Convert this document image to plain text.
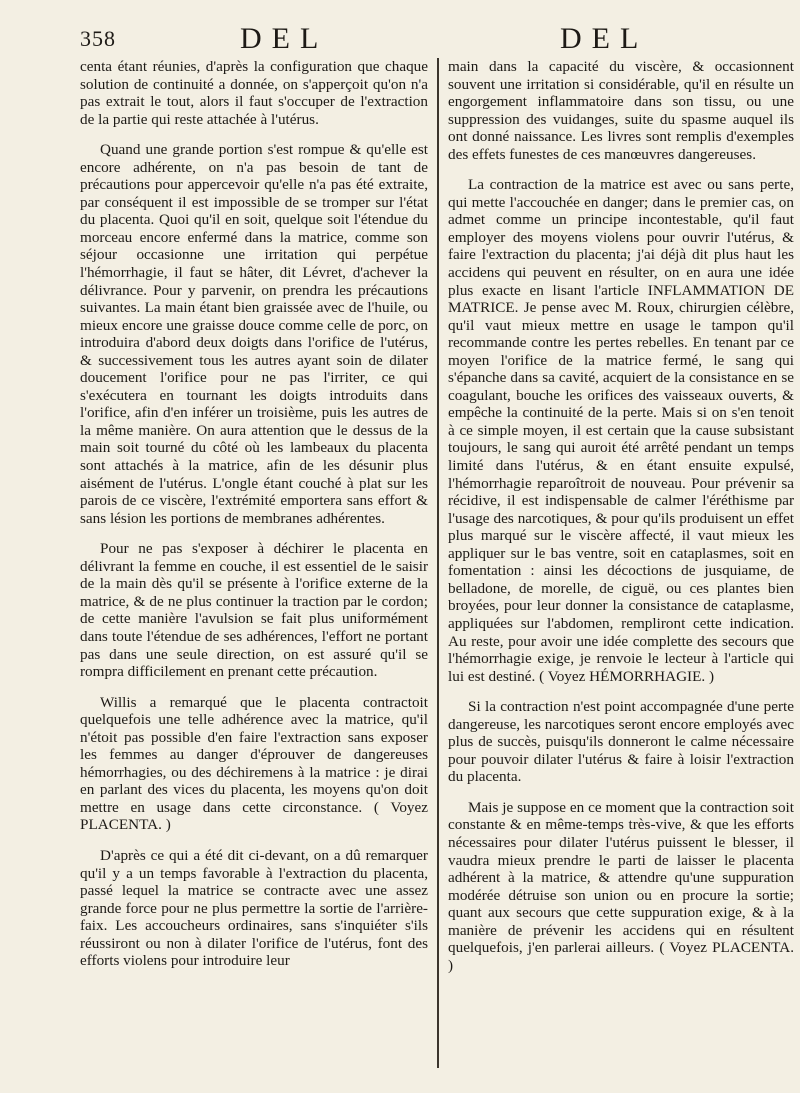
358	DEL	DEL

centa étant réunies, d'après la configuration que chaque solution de continuité a donnée, on s'apperçoit qu'on n'a pas extrait le tout, alors il faut s'occuper de l'extraction de la partie qui reste attachée à l'utérus.

Quand une grande portion s'est rompue & qu'elle est encore adhérente, on n'a pas besoin de tant de précautions pour appercevoir qu'elle n'a pas été extraite, par conséquent il est impossible de se tromper sur l'état du placenta. Quoi qu'il en soit, quelque soit l'étendue du morceau encore enfermé dans la matrice, comme son séjour occasionne une irritation qui perpétue l'hémorrhagie, il faut se hâter, dit Lévret, d'achever la délivrance. Pour y parvenir, on prendra les précautions suivantes. La main étant bien graissée avec de l'huile, ou mieux encore une graisse douce comme celle de porc, on introduira d'abord deux doigts dans l'orifice de l'utérus, & successivement tous les autres ayant soin de dilater doucement l'orifice pour ne pas l'irriter, ce qui s'exécutera en tournant les doigts introduits dans l'orifice, afin d'en inférer un troisième, puis les autres de la même manière. On aura attention que le dessus de la main soit tourné du côté où les lambeaux du placenta sont attachés à la matrice, afin de les désunir plus aisément de l'utérus. L'ongle étant couché à plat sur les parois de ce viscère, l'extrémité emportera sans effort & sans lésion les portions de membranes adhérentes.

Pour ne pas s'exposer à déchirer le placenta en délivrant la femme en couche, il est essentiel de le saisir de la main dès qu'il se présente à l'orifice externe de la matrice, & de ne plus continuer la traction par le cordon; de cette manière l'avulsion se fait plus uniformément dans toute l'étendue de ses adhérences, l'effort ne portant pas dans une seule direction, on est assuré qu'il se rompra difficilement en prenant cette précaution.

Willis a remarqué que le placenta contractoit quelquefois une telle adhérence avec la matrice, qu'il n'étoit pas possible d'en faire l'extraction sans exposer les femmes au danger d'éprouver de dangereuses hémorrhagies, ou des déchiremens à la matrice : je dirai en parlant des vices du placenta, les moyens qu'on doit mettre en usage dans cette circonstance. ( Voyez PLACENTA. )

D'après ce qui a été dit ci-devant, on a dû remarquer qu'il y a un temps favorable à l'extraction du placenta, passé lequel la matrice se contracte avec une assez grande force pour ne plus permettre la sortie de l'arrière-faix. Les accoucheurs ordinaires, sans s'inquiéter s'ils réussiront ou non à dilater l'orifice de l'utérus, font des efforts violens pour introduire leur

main dans la capacité du viscère, & occasionnent souvent une irritation si considérable, qu'il en résulte un engorgement inflammatoire dans son tissu, ou une suppression des vuidanges, suite du spasme auquel ils ont donné naissance. Les livres sont remplis d'exemples des effets funestes de ces manœuvres dangereuses.

La contraction de la matrice est avec ou sans perte, qui mette l'accouchée en danger; dans le premier cas, on admet comme un principe incontestable, qu'il faut employer des moyens violens pour ouvrir l'utérus, & faire l'extraction du placenta; j'ai déjà dit plus haut les accidens qui peuvent en résulter, on en aura une idée plus exacte en lisant l'article INFLAMMATION DE MATRICE. Je pense avec M. Roux, chirurgien célèbre, qu'il vaut mieux mettre en usage le tampon qu'il recommande contre les pertes rebelles. En tenant par ce moyen l'orifice de la matrice fermé, le sang qui s'épanche dans sa cavité, acquiert de la consistance en se coagulant, bouche les orifices des vaisseaux ouverts, & empêche la continuité de la perte. Mais si on s'en tenoit à ce simple moyen, il est certain que la cause subsistant toujours, le sang qui auroit été arrêté pendant un temps limité dans l'utérus, & en étant ensuite expulsé, l'hémorrhagie reparoîtroit de nouveau. Pour prévenir sa récidive, il est indispensable de calmer l'éréthisme par l'usage des narcotiques, & pour qu'ils produisent un effet plus marqué sur le viscère affecté, il vaut mieux les appliquer sur le bas ventre, soit en cataplasmes, soit en fomentation : ainsi les décoctions de jusquiame, de belladone, de morelle, de ciguë, ou ces plantes bien broyées, pour leur donner la consistance de cataplasme, appliquées sur l'abdomen, rempliront cette indication. Au reste, pour avoir une idée complette des secours que l'hémorrhagie exige, je renvoie le lecteur à l'article qui lui est destiné. ( Voyez HÉMORRHAGIE. )

Si la contraction n'est point accompagnée d'une perte dangereuse, les narcotiques seront encore employés avec plus de succès, puisqu'ils donneront le calme nécessaire pour pouvoir dilater l'utérus & faire à loisir l'extraction du placenta.

Mais je suppose en ce moment que la contraction soit constante & en même-temps très-vive, & que les efforts nécessaires pour dilater l'utérus puissent le blesser, il vaudra mieux prendre le parti de laisser le placenta adhérent à la matrice, & attendre qu'une suppuration modérée détruise son union ou en procure la sortie; quant aux secours que cette suppuration exige, & à la manière de prévenir les accidens qui en résultent quelquefois, j'en parlerai ailleurs. ( Voyez PLACENTA. )
